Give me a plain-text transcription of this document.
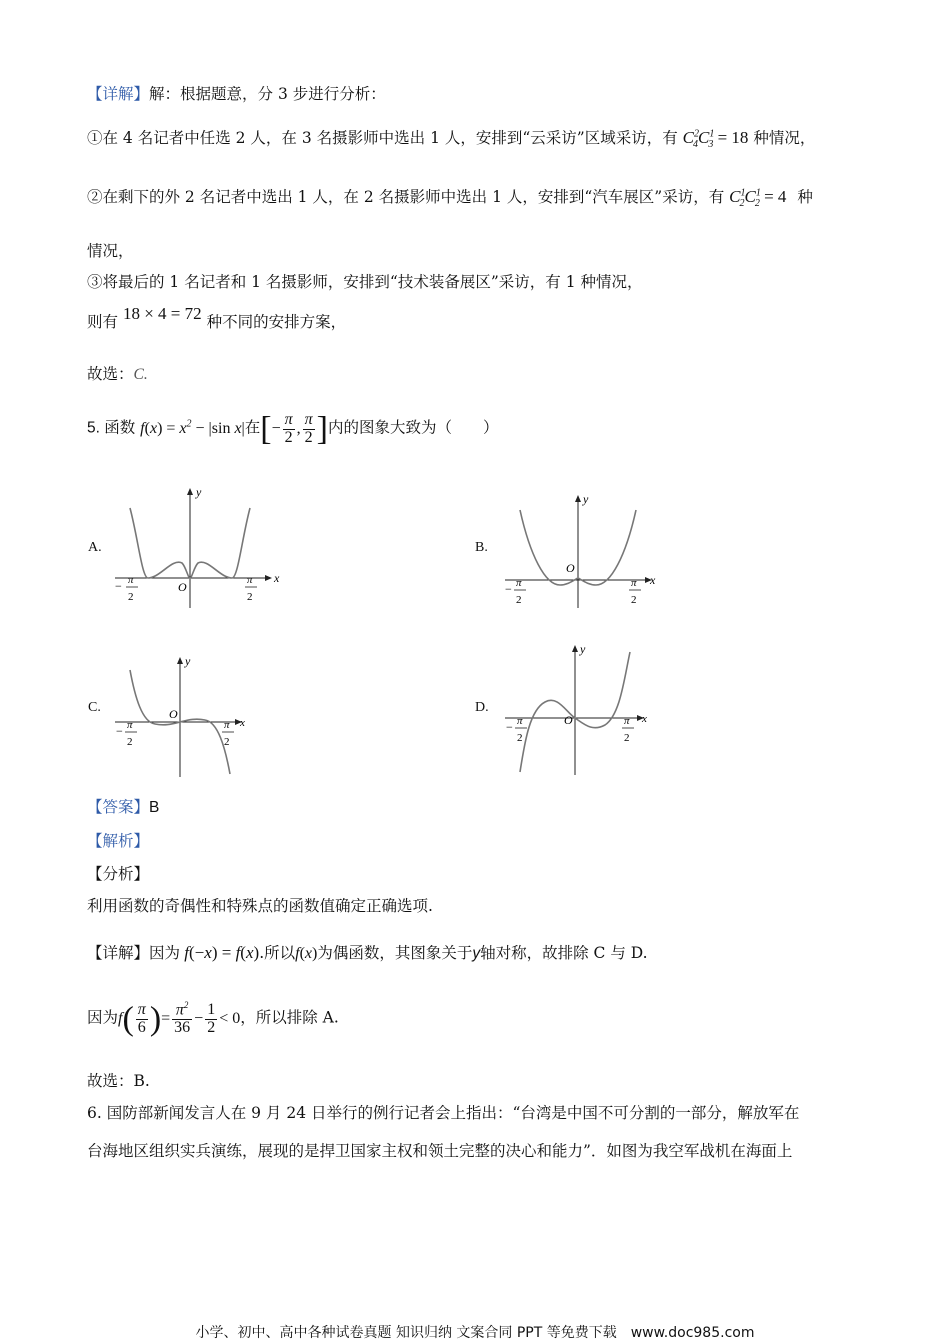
【详解】解：根据题意，分 3 步进行分析：
①在 4 名记者中任选 2 人，在 3 名摄影师中选出 1 人，安排到“云采访”区域采访，有 $C^2_4C^1_3 = 18$ 种情况，
②在剩下的外 2 名记者中选出 1 人，在 2 名摄影师中选出 1 人，安排到“汽车展区”采访，有 $C^1_2C^1_2 = 4$ 种
情况，
③将最后的 1 名记者和 1 名摄影师，安排到“技术装备展区”采访，有 1 种情况，
则有 18 × 4 = 72 种不同的安排方案，
故选：C.
5. 函数 $f(x) = x^2 - |\sin$ x|在[− $\frac{\pi}{2}$ , $\frac{\pi}{2}$ ]内的图象大致为（　　）
A.	B.
C.	D.
y
x
O
− π
2
π
2
y
x
O
− π
2
π
2
y
x
O
− π
2
π
2
y
x
O
− π
2
π
2
【答案】B
【解析】
【分析】
利用函数的奇偶性和特殊点的函数值确定正确选项.
【详解】因为 f(−x) = f(x).所以f(x)为偶函数，其图象关于y轴对称，故排除 C 与 D.
因为$f( \frac{\pi}{6}$ )= $\frac{\pi^2}{36} - \frac{1}{2} < 0$，所以排除 A.
故选：B.
6. 国防部新闻发言人在 9 月 24 日举行的例行记者会上指出：“台湾是中国不可分割的一部分，解放军在
台海地区组织实兵演练，展现的是捍卫国家主权和领土完整的决心和能力”．如图为我空军战机在海面上
小学、初中、高中各种试卷真题 知识归纳 文案合同 PPT 等免费下载　www.doc985.com
